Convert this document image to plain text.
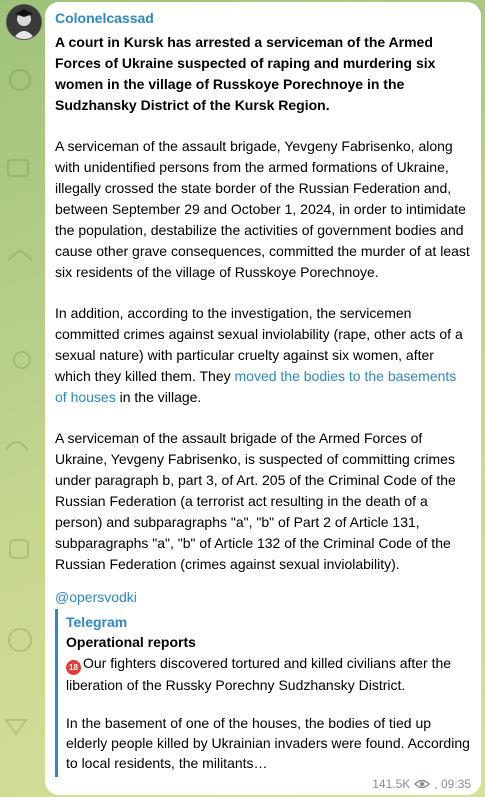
Colonelcassad
A court in Kursk has arrested a serviceman of the Armed Forces of Ukraine suspected of raping and murdering six women in the village of Russkoye Porechnoye in the Sudzhansky District of the Kursk Region.
A serviceman of the assault brigade, Yevgeny Fabrisenko, along with unidentified persons from the armed formations of Ukraine, illegally crossed the state border of the Russian Federation and, between September 29 and October 1, 2024, in order to intimidate the population, destabilize the activities of government bodies and cause other grave consequences, committed the murder of at least six residents of the village of Russkoye Porechnoye.
In addition, according to the investigation, the servicemen committed crimes against sexual inviolability (rape, other acts of a sexual nature) with particular cruelty against six women, after which they killed them. They moved the bodies to the basements of houses in the village.
A serviceman of the assault brigade of the Armed Forces of Ukraine, Yevgeny Fabrisenko, is suspected of committing crimes under paragraph b, part 3, of Art. 205 of the Criminal Code of the Russian Federation (a terrorist act resulting in the death of a person) and subparagraphs "a", "b" of Part 2 of Article 131, subparagraphs "a", "b" of Article 132 of the Criminal Code of the Russian Federation (crimes against sexual inviolability).
@opersvodki
Telegram
Operational reports
18 Our fighters discovered tortured and killed civilians after the liberation of the Russky Porechny Sudzhansky District.
In the basement of one of the houses, the bodies of tied up elderly people killed by Ukrainian invaders were found. According to local residents, the militants…
141.5K , 09:35
